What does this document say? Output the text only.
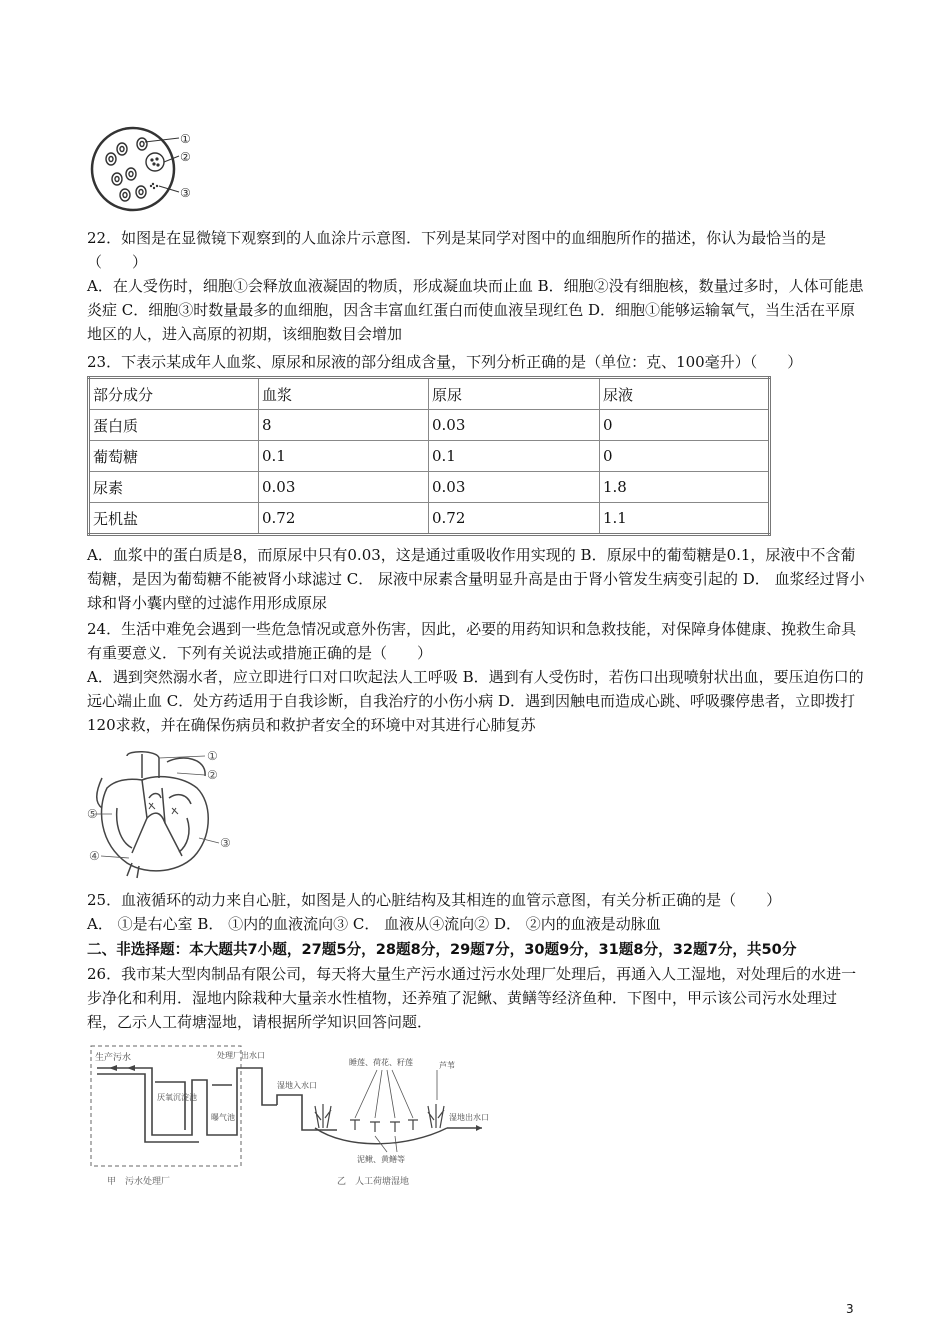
①
②
③
22．如图是在显微镜下观察到的人血涂片示意图．下列是某同学对图中的血细胞所作的描述，你认为最恰当的是（　　）
A．在人受伤时，细胞①会释放血液凝固的物质，形成凝血块而止血 B．细胞②没有细胞核，数量过多时，人体可能患炎症 C．细胞③时数量最多的血细胞，因含丰富血红蛋白而使血液呈现红色 D．细胞①能够运输氧气，当生活在平原地区的人，进入高原的初期，该细胞数目会增加
23．下表示某成年人血浆、原尿和尿液的部分组成含量，下列分析正确的是（单位：克、100毫升）（　　）
部分成分	血浆	原尿	尿液
蛋白质	8	0.03	0
葡萄糖	0.1	0.1	0
尿素	0.03	0.03	1.8
无机盐	0.72	0.72	1.1
A．血浆中的蛋白质是8，而原尿中只有0.03，这是通过重吸收作用实现的 B．原尿中的葡萄糖是0.1，尿液中不含葡萄糖，是因为葡萄糖不能被肾小球滤过 C． 尿液中尿素含量明显升高是由于肾小管发生病变引起的 D． 血浆经过肾小球和肾小囊内壁的过滤作用形成原尿
24．生活中难免会遇到一些危急情况或意外伤害，因此，必要的用药知识和急救技能，对保障身体健康、挽救生命具有重要意义．下列有关说法或措施正确的是（　　）
A．遇到突然溺水者，应立即进行口对口吹起法人工呼吸 B．遇到有人受伤时，若伤口出现喷射状出血，要压迫伤口的远心端止血 C．处方药适用于自我诊断，自我治疗的小伤小病 D．遇到因触电而造成心跳、呼吸骤停患者，立即拨打120求救，并在确保伤病员和救护者安全的环境中对其进行心肺复苏
①
②
③
④
⑤
25．血液循环的动力来自心脏，如图是人的心脏结构及其相连的血管示意图，有关分析正确的是（　　）
A． ①是右心室 B． ①内的血液流向③ C． 血液从④流向② D． ②内的血液是动脉血
二、非选择题：本大题共7小题，27题5分，28题8分，29题7分，30题9分，31题8分，32题7分，共50分
26．我市某大型肉制品有限公司，每天将大量生产污水通过污水处理厂处理后，再通入人工湿地，对处理后的水进一步净化和利用．湿地内除栽种大量亲水性植物，还养殖了泥鳅、黄鳝等经济鱼种．下图中，甲示该公司污水处理过程，乙示人工荷塘湿地，请根据所学知识回答问题．
生产污水
厌氧沉淀池
曝气池
处理厂出水口
湿地入水口
睡莲、荷花、籽莲	芦苇
湿地出水口
泥鳅、黄鳝等
甲　污水处理厂	乙　人工荷塘湿地
3
